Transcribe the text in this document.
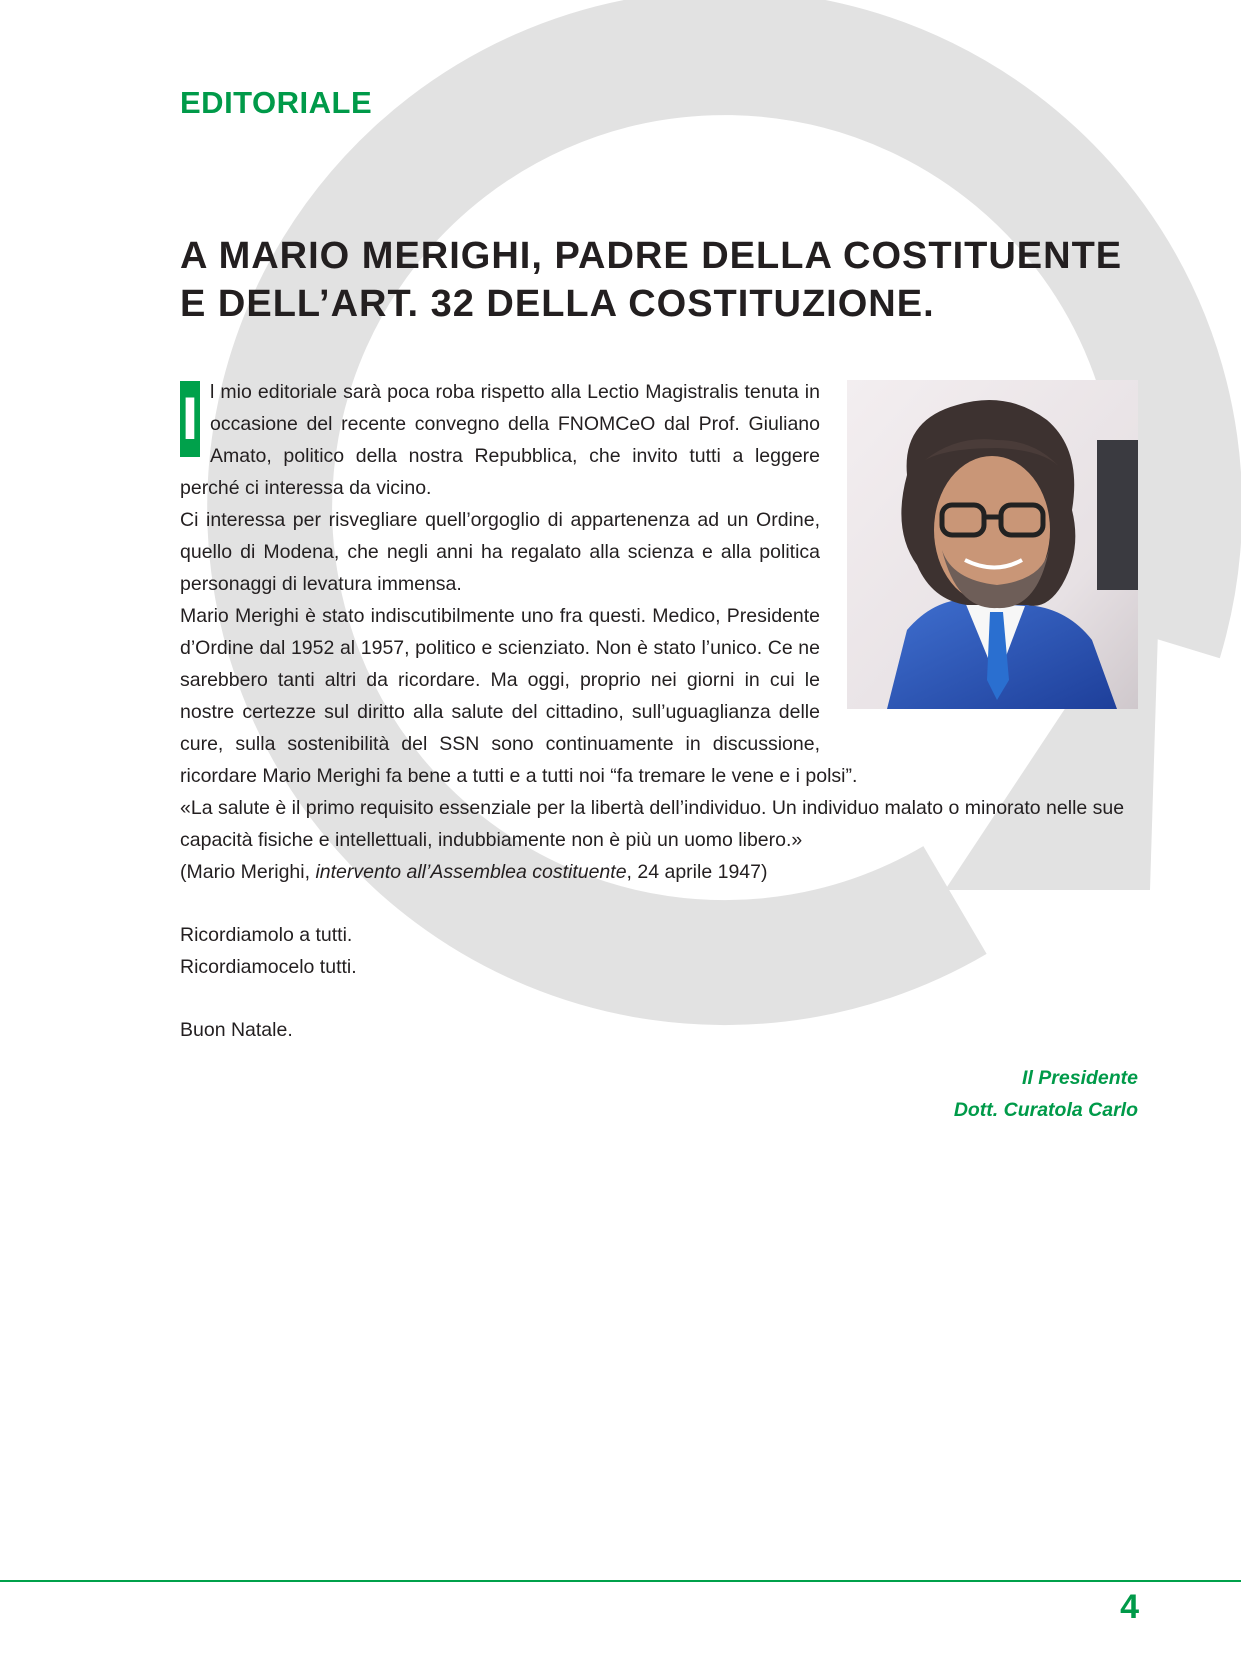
EDITORIALE
A MARIO MERIGHI, PADRE DELLA COSTITUENTE
E DELL’ART. 32 DELLA COSTITUZIONE.

I l mio editoriale sarà poca roba rispetto alla Lectio Magistralis tenuta in occasione del recente convegno della FNOMCeO dal Prof. Giuliano Amato, politico della nostra Repubblica, che invito tutti a leggere perché ci interessa da vicino.

Ci interessa per risvegliare quell’orgoglio di appartenenza ad un Ordine, quello di Modena, che negli anni ha regalato alla scienza e alla politica personaggi di levatura immensa.

Mario Merighi è stato indiscutibilmente uno fra questi. Medico, Presidente d’Ordine dal 1952 al 1957, politico e scienziato. Non è stato l’unico. Ce ne sarebbero tanti altri da ricordare. Ma oggi, proprio nei giorni in cui le nostre certezze sul diritto alla salute del cittadino, sull’uguaglianza delle cure, sulla sostenibilità del SSN sono continuamente in discussione, ricordare Mario Merighi fa bene a tutti e a tutti noi “fa tremare le vene e i polsi”.

«La salute è il primo requisito essenziale per la libertà dell’individuo. Un individuo malato o minorato nelle sue capacità fisiche e intellettuali, indubbiamente non è più un uomo libero.»

(Mario Merighi, intervento all’Assemblea costituente, 24 aprile 1947)

Ricordiamolo a tutti.

Ricordiamocelo tutti.

Buon Natale.

Il Presidente
Dott. Curatola Carlo
4
